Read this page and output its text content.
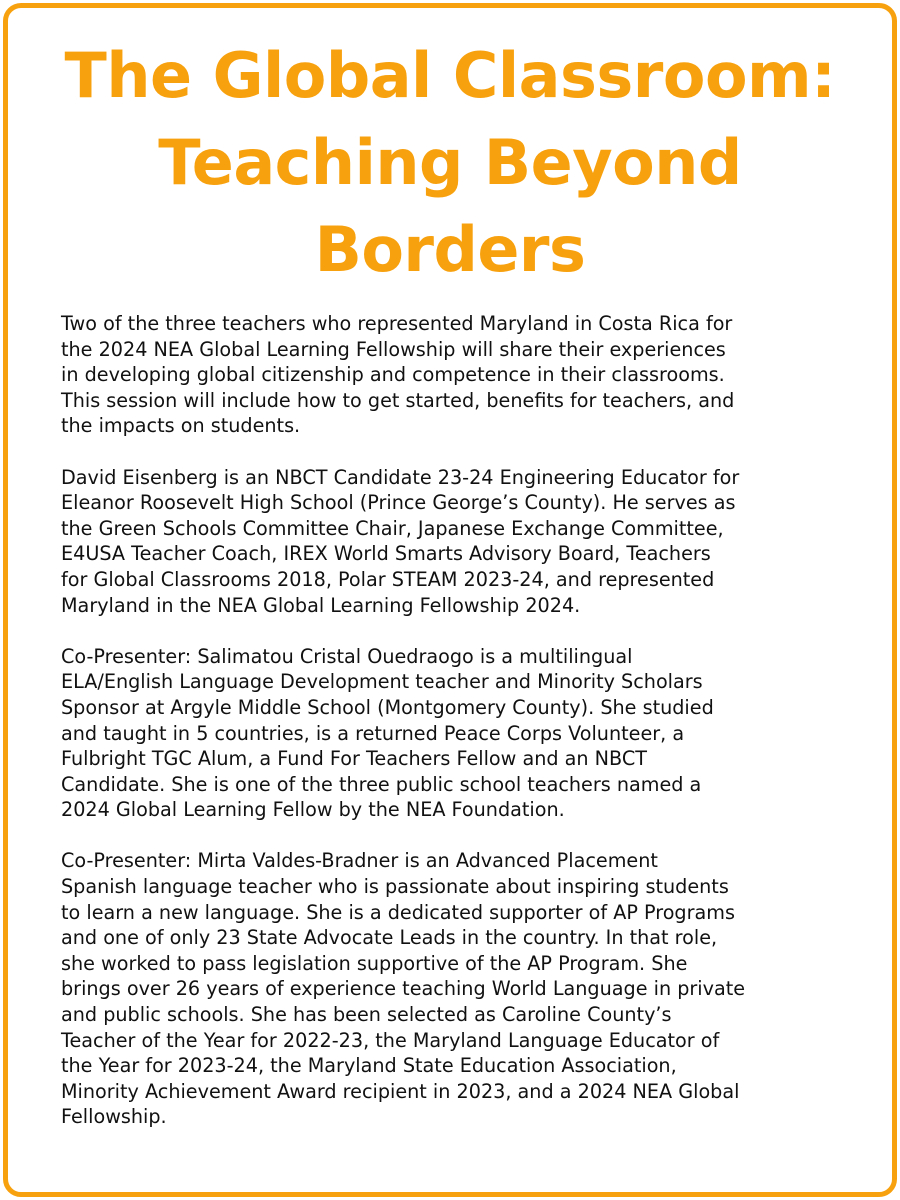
The Global Classroom:
Teaching Beyond
Borders

Two of the three teachers who represented Maryland in Costa Rica for
the 2024 NEA Global Learning Fellowship will share their experiences
in developing global citizenship and competence in their classrooms.
This session will include how to get started, benefits for teachers, and
the impacts on students.

David Eisenberg is an NBCT Candidate 23-24 Engineering Educator for
Eleanor Roosevelt High School (Prince George’s County). He serves as
the Green Schools Committee Chair, Japanese Exchange Committee,
E4USA Teacher Coach, IREX World Smarts Advisory Board, Teachers
for Global Classrooms 2018, Polar STEAM 2023-24, and represented
Maryland in the NEA Global Learning Fellowship 2024.

Co-Presenter: Salimatou Cristal Ouedraogo is a multilingual
ELA/English Language Development teacher and Minority Scholars
Sponsor at Argyle Middle School (Montgomery County). She studied
and taught in 5 countries, is a returned Peace Corps Volunteer, a
Fulbright TGC Alum, a Fund For Teachers Fellow and an NBCT
Candidate. She is one of the three public school teachers named a
2024 Global Learning Fellow by the NEA Foundation.

Co-Presenter: Mirta Valdes-Bradner is an Advanced Placement
Spanish language teacher who is passionate about inspiring students
to learn a new language. She is a dedicated supporter of AP Programs
and one of only 23 State Advocate Leads in the country. In that role,
she worked to pass legislation supportive of the AP Program. She
brings over 26 years of experience teaching World Language in private
and public schools. She has been selected as Caroline County’s
Teacher of the Year for 2022-23, the Maryland Language Educator of
the Year for 2023-24, the Maryland State Education Association,
Minority Achievement Award recipient in 2023, and a 2024 NEA Global
Fellowship.
